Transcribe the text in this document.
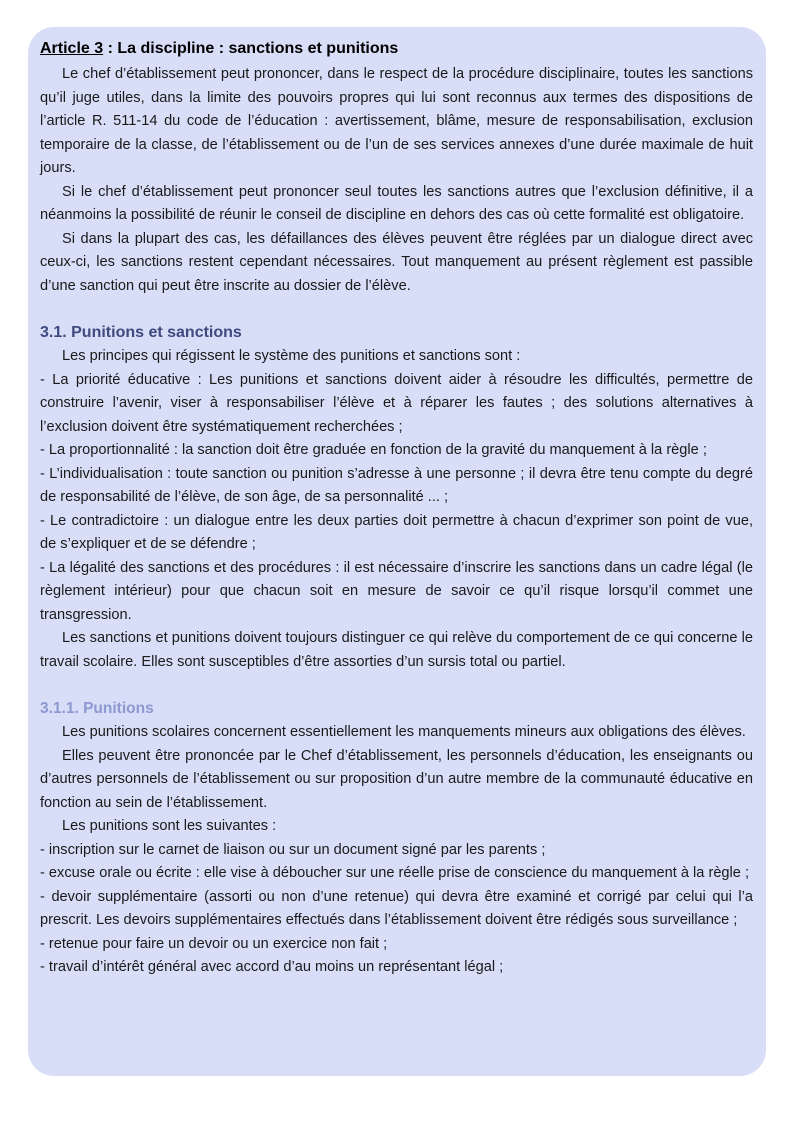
Article 3 : La discipline : sanctions et punitions

Le chef d’établissement peut prononcer, dans le respect de la procédure disciplinaire, toutes les sanctions qu’il juge utiles, dans la limite des pouvoirs propres qui lui sont reconnus aux termes des dispositions de l’article R. 511-14 du code de l’éducation : avertissement, blâme, mesure de responsabilisation, exclusion temporaire de la classe, de l’établissement ou de l’un de ses services annexes d’une durée maximale de huit jours.

Si le chef d’établissement peut prononcer seul toutes les sanctions autres que l’exclusion définitive, il a néanmoins la possibilité de réunir le conseil de discipline en dehors des cas où cette formalité est obligatoire.

Si dans la plupart des cas, les défaillances des élèves peuvent être réglées par un dialogue direct avec ceux-ci, les sanctions restent cependant nécessaires. Tout manquement au présent règlement est passible d’une sanction qui peut être inscrite au dossier de l’élève.

3.1. Punitions et sanctions

Les principes qui régissent le système des punitions et sanctions sont :

- La priorité éducative : Les punitions et sanctions doivent aider à résoudre les difficultés, permettre de construire l’avenir, viser à responsabiliser l’élève et à réparer les fautes ; des solutions alternatives à l’exclusion doivent être systématiquement recherchées ;

- La proportionnalité : la sanction doit être graduée en fonction de la gravité du manquement à la règle ;

- L’individualisation : toute sanction ou punition s’adresse à une personne ; il devra être tenu compte du degré de responsabilité de l’élève, de son âge, de sa personnalité ... ;

- Le contradictoire : un dialogue entre les deux parties doit permettre à chacun d’exprimer son point de vue, de s’expliquer et de se défendre ;

- La légalité des sanctions et des procédures : il est nécessaire d’inscrire les sanctions dans un cadre légal (le règlement intérieur) pour que chacun soit en mesure de savoir ce qu’il risque lorsqu’il commet une transgression.

Les sanctions et punitions doivent toujours distinguer ce qui relève du comportement de ce qui concerne le travail scolaire. Elles sont susceptibles d’être assorties d’un sursis total ou partiel.

3.1.1. Punitions

Les punitions scolaires concernent essentiellement les manquements mineurs aux obligations des élèves.

Elles peuvent être prononcée par le Chef d’établissement, les personnels d’éducation, les enseignants ou d’autres personnels de l’établissement ou sur proposition d’un autre membre de la communauté éducative en fonction au sein de l’établissement.

Les punitions sont les suivantes :

- inscription sur le carnet de liaison ou sur un document signé par les parents ;

- excuse orale ou écrite : elle vise à déboucher sur une réelle prise de conscience du manquement à la règle ;

- devoir supplémentaire (assorti ou non d’une retenue) qui devra être examiné et corrigé par celui qui l’a prescrit. Les devoirs supplémentaires effectués dans l’établissement doivent être rédigés sous surveillance ;

- retenue pour faire un devoir ou un exercice non fait ;

- travail d’intérêt général avec accord d’au moins un représentant légal ;
